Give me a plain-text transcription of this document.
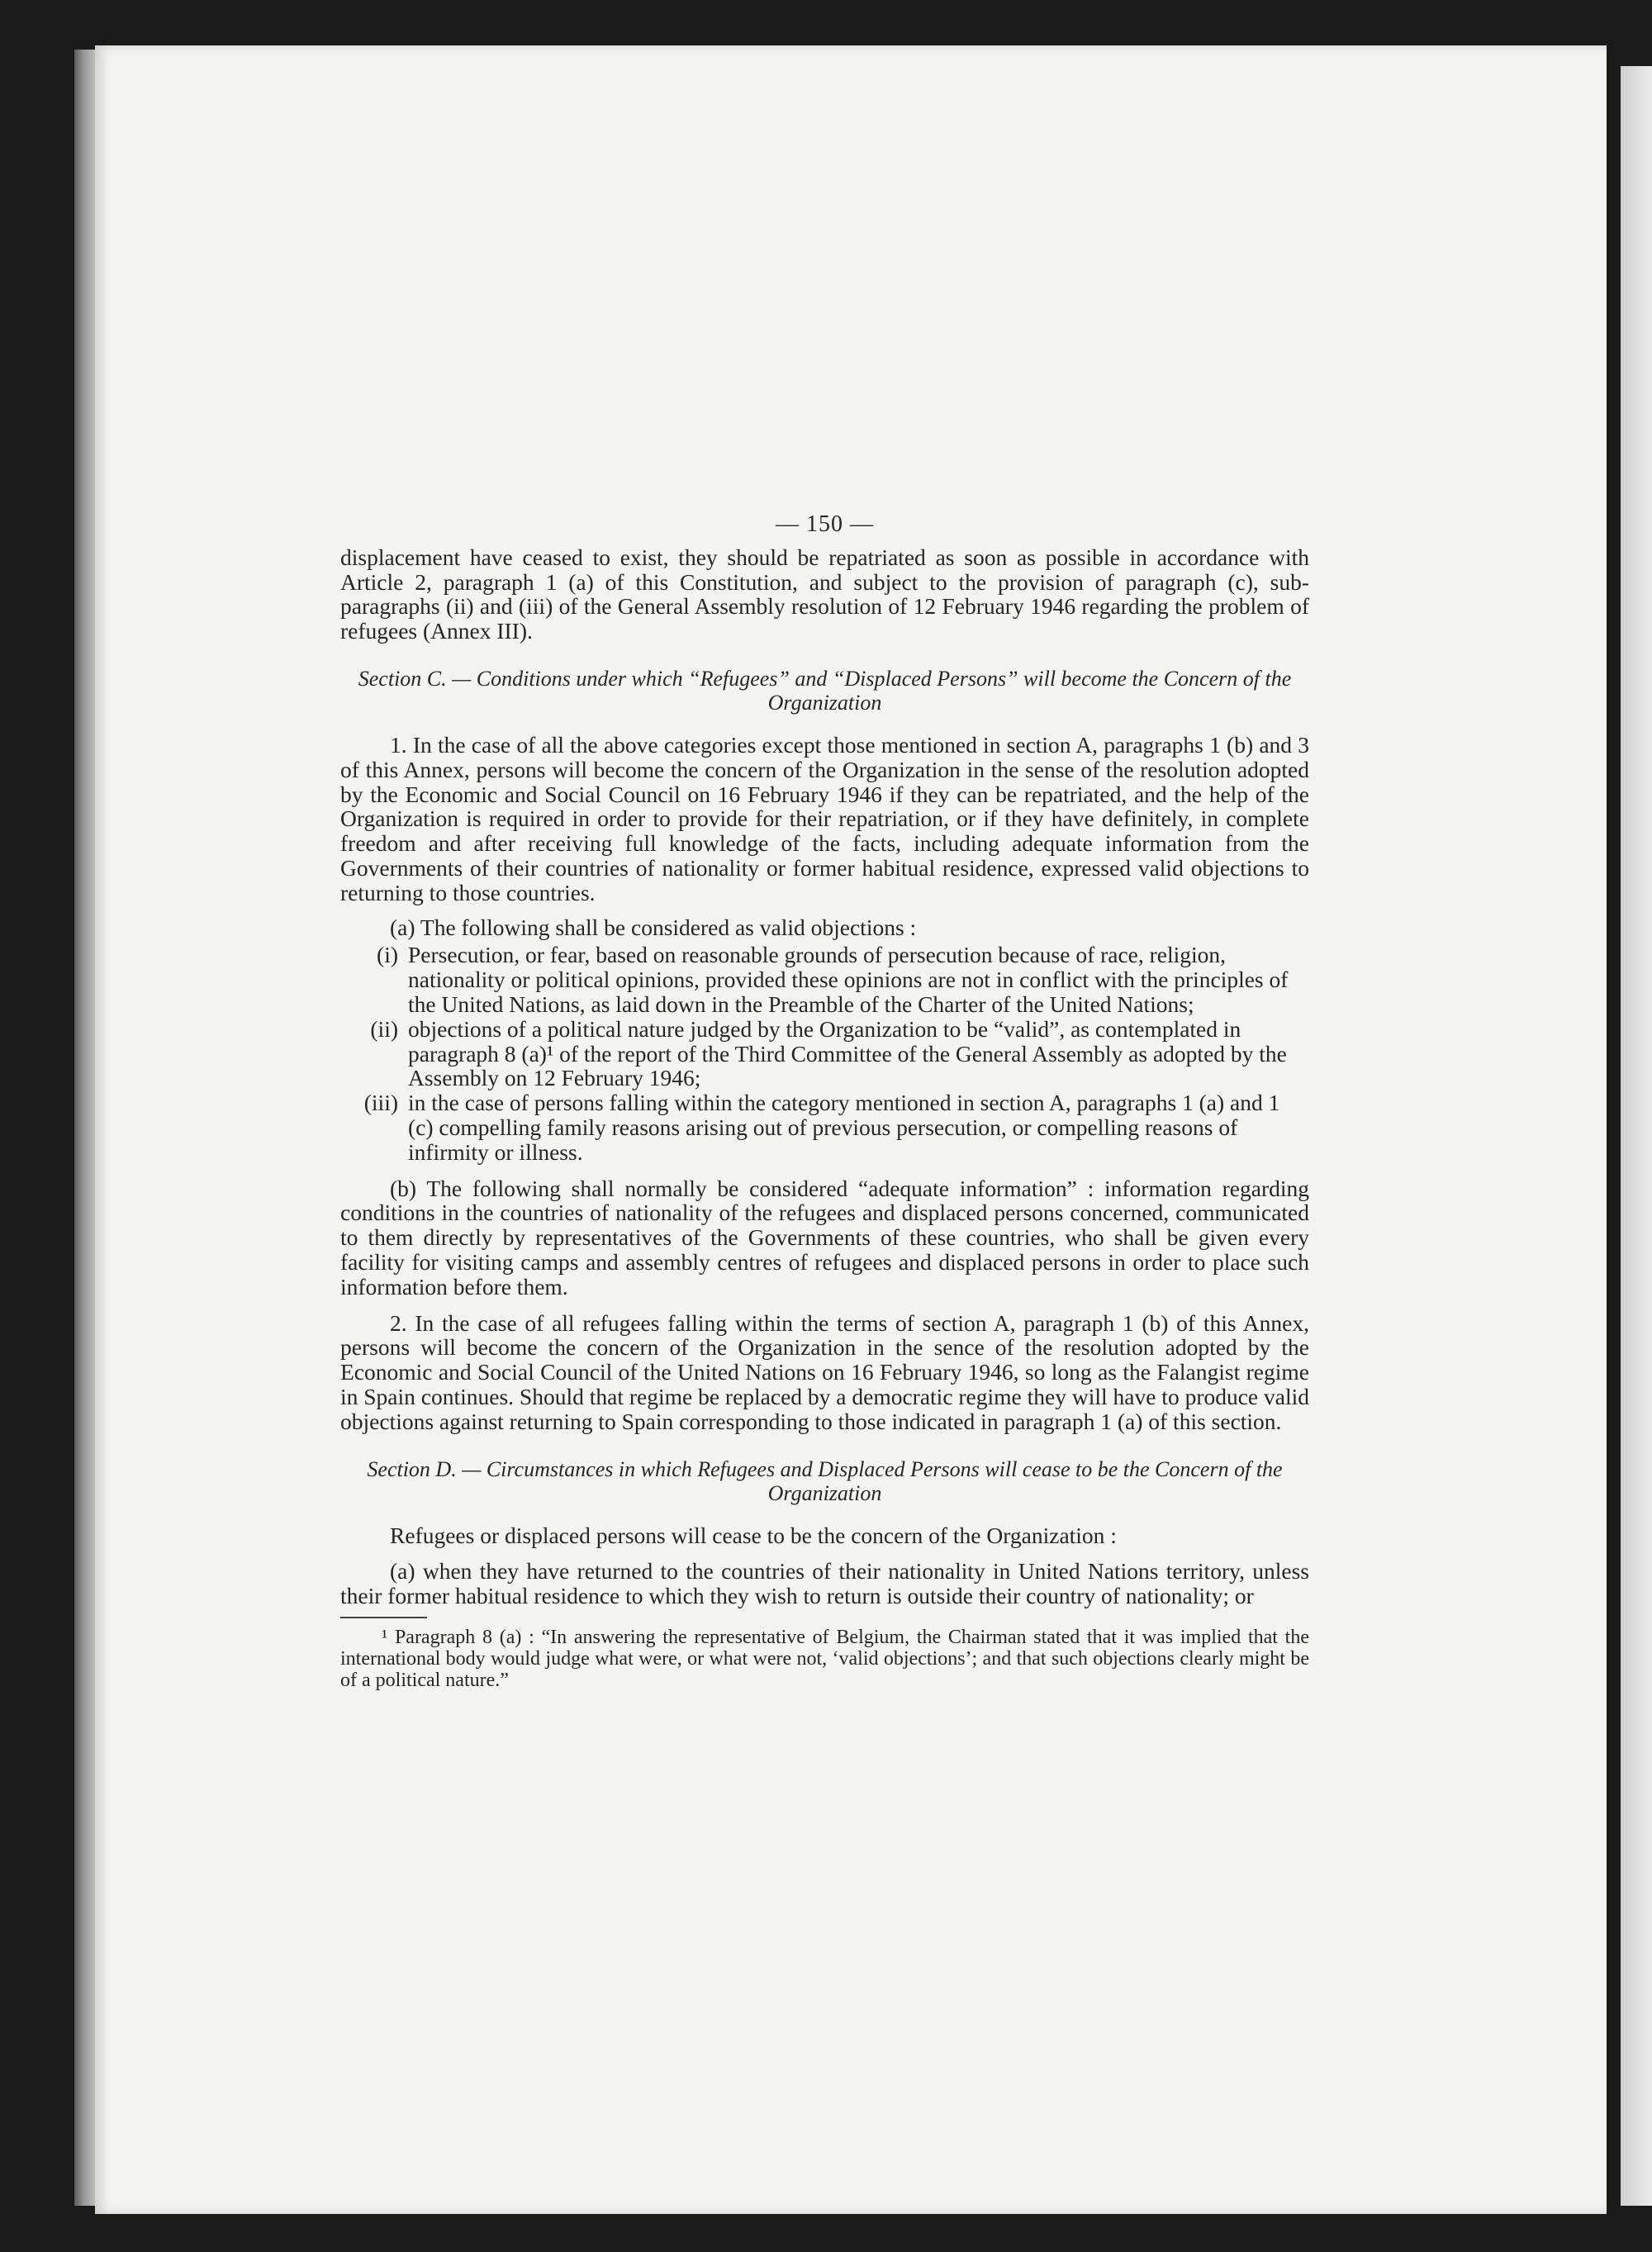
— 150 —

displacement have ceased to exist, they should be repatriated as soon as possible in accordance with Article 2, paragraph 1 (a) of this Constitution, and subject to the provision of paragraph (c), sub-paragraphs (ii) and (iii) of the General Assembly resolution of 12 February 1946 regarding the problem of refugees (Annex III).

Section C. — Conditions under which “Refugees” and “Displaced Persons” will become the Concern of the Organization

1. In the case of all the above categories except those mentioned in section A, paragraphs 1 (b) and 3 of this Annex, persons will become the concern of the Organization in the sense of the resolution adopted by the Economic and Social Council on 16 February 1946 if they can be repatriated, and the help of the Organization is required in order to provide for their repatriation, or if they have definitely, in complete freedom and after receiving full knowledge of the facts, including adequate information from the Governments of their countries of nationality or former habitual residence, expressed valid objections to returning to those countries.

(a) The following shall be considered as valid objections :

(i) Persecution, or fear, based on reasonable grounds of persecution because of race, religion, nationality or political opinions, provided these opinions are not in conflict with the principles of the United Nations, as laid down in the Preamble of the Charter of the United Nations;
(ii) objections of a political nature judged by the Organization to be “valid”, as contemplated in paragraph 8 (a)¹ of the report of the Third Committee of the General Assembly as adopted by the Assembly on 12 February 1946;
(iii) in the case of persons falling within the category mentioned in section A, paragraphs 1 (a) and 1 (c) compelling family reasons arising out of previous persecution, or compelling reasons of infirmity or illness.

(b) The following shall normally be considered “adequate information” : information regarding conditions in the countries of nationality of the refugees and displaced persons concerned, communicated to them directly by representatives of the Governments of these countries, who shall be given every facility for visiting camps and assembly centres of refugees and displaced persons in order to place such information before them.

2. In the case of all refugees falling within the terms of section A, paragraph 1 (b) of this Annex, persons will become the concern of the Organization in the sence of the resolution adopted by the Economic and Social Council of the United Nations on 16 February 1946, so long as the Falangist regime in Spain continues. Should that regime be replaced by a democratic regime they will have to produce valid objections against returning to Spain corresponding to those indicated in paragraph 1 (a) of this section.

Section D. — Circumstances in which Refugees and Displaced Persons will cease to be the Concern of the Organization

Refugees or displaced persons will cease to be the concern of the Organization :

(a) when they have returned to the countries of their nationality in United Nations territory, unless their former habitual residence to which they wish to return is outside their country of nationality; or

¹ Paragraph 8 (a) : “In answering the representative of Belgium, the Chairman stated that it was implied that the international body would judge what were, or what were not, ‘valid objections’; and that such objections clearly might be of a political nature.”
